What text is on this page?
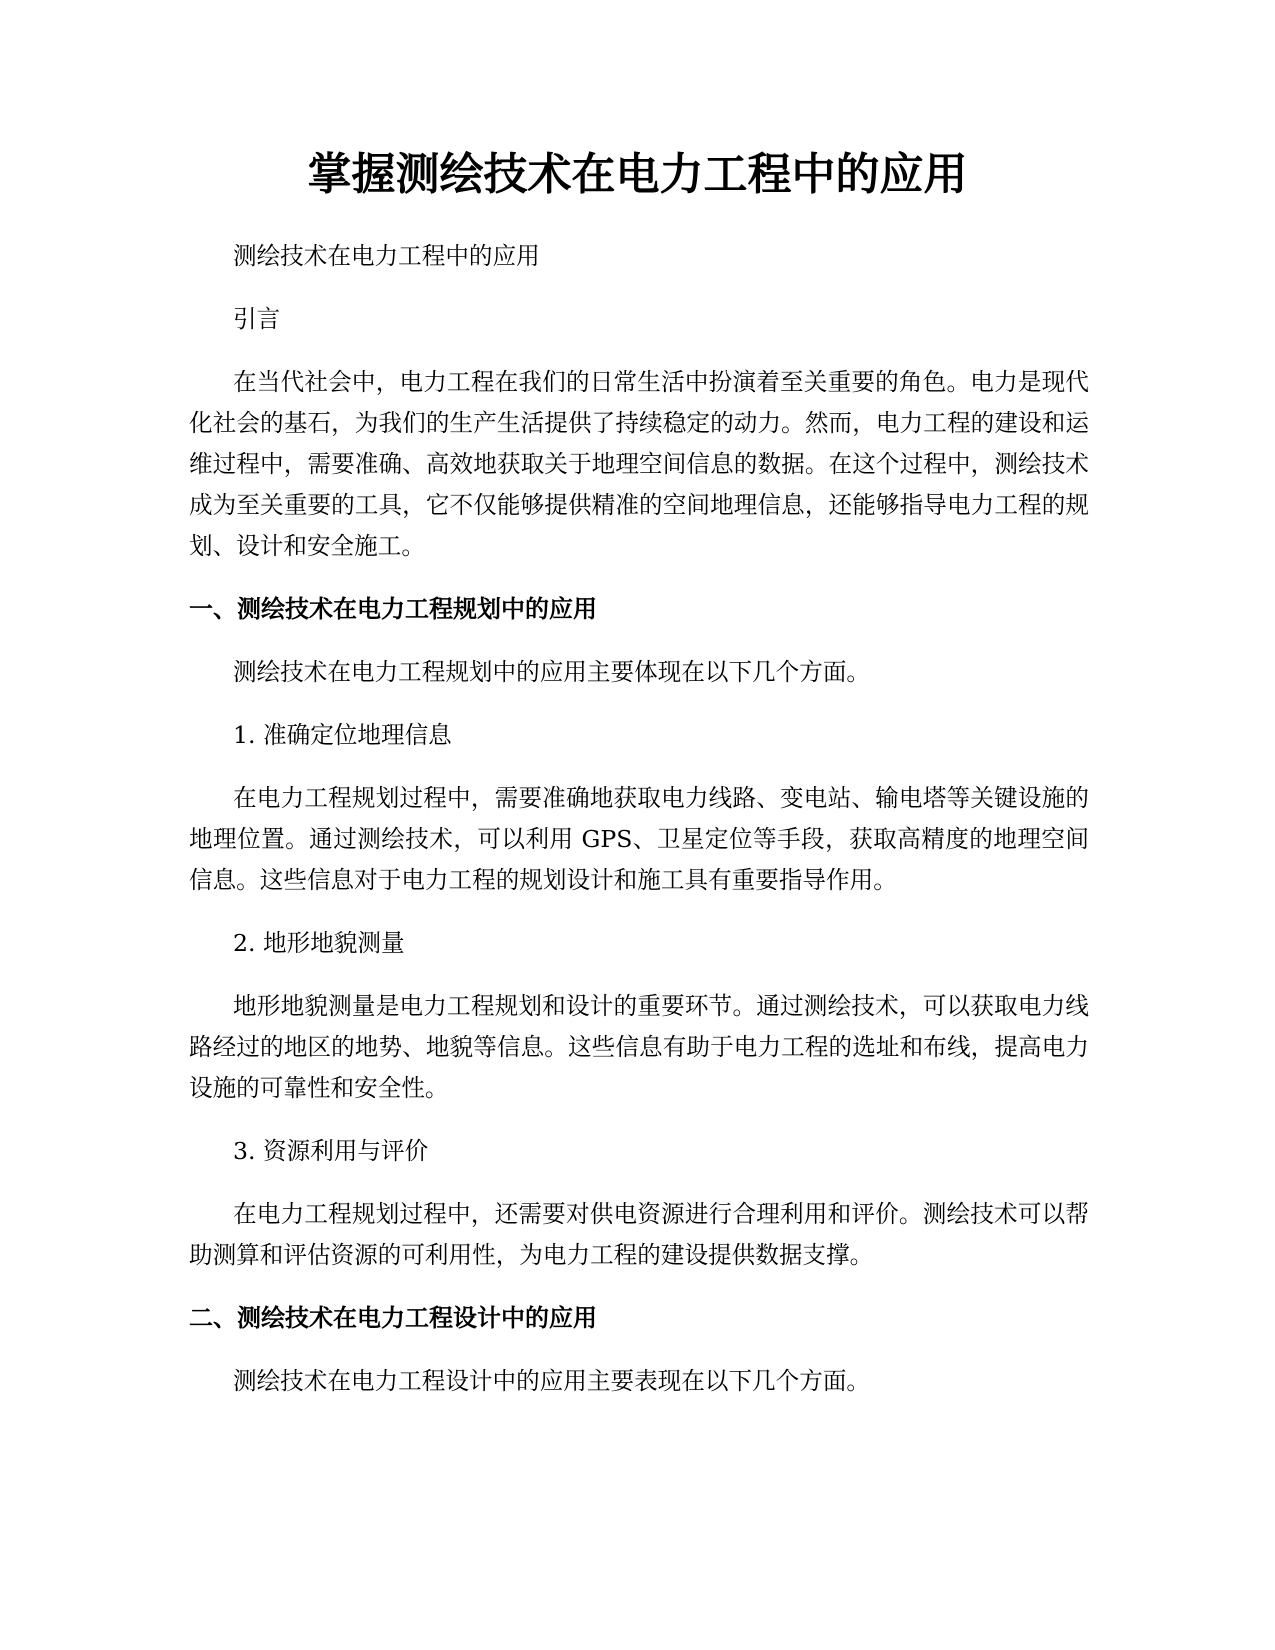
掌握测绘技术在电力工程中的应用

测绘技术在电力工程中的应用

引言

在当代社会中，电力工程在我们的日常生活中扮演着至关重要的角色。电力是现代化社会的基石，为我们的生产生活提供了持续稳定的动力。然而，电力工程的建设和运维过程中，需要准确、高效地获取关于地理空间信息的数据。在这个过程中，测绘技术成为至关重要的工具，它不仅能够提供精准的空间地理信息，还能够指导电力工程的规划、设计和安全施工。

一、测绘技术在电力工程规划中的应用

测绘技术在电力工程规划中的应用主要体现在以下几个方面。

1. 准确定位地理信息

在电力工程规划过程中，需要准确地获取电力线路、变电站、输电塔等关键设施的地理位置。通过测绘技术，可以利用 GPS、卫星定位等手段，获取高精度的地理空间信息。这些信息对于电力工程的规划设计和施工具有重要指导作用。

2. 地形地貌测量

地形地貌测量是电力工程规划和设计的重要环节。通过测绘技术，可以获取电力线路经过的地区的地势、地貌等信息。这些信息有助于电力工程的选址和布线，提高电力设施的可靠性和安全性。

3. 资源利用与评价

在电力工程规划过程中，还需要对供电资源进行合理利用和评价。测绘技术可以帮助测算和评估资源的可利用性，为电力工程的建设提供数据支撑。

二、测绘技术在电力工程设计中的应用

测绘技术在电力工程设计中的应用主要表现在以下几个方面。
